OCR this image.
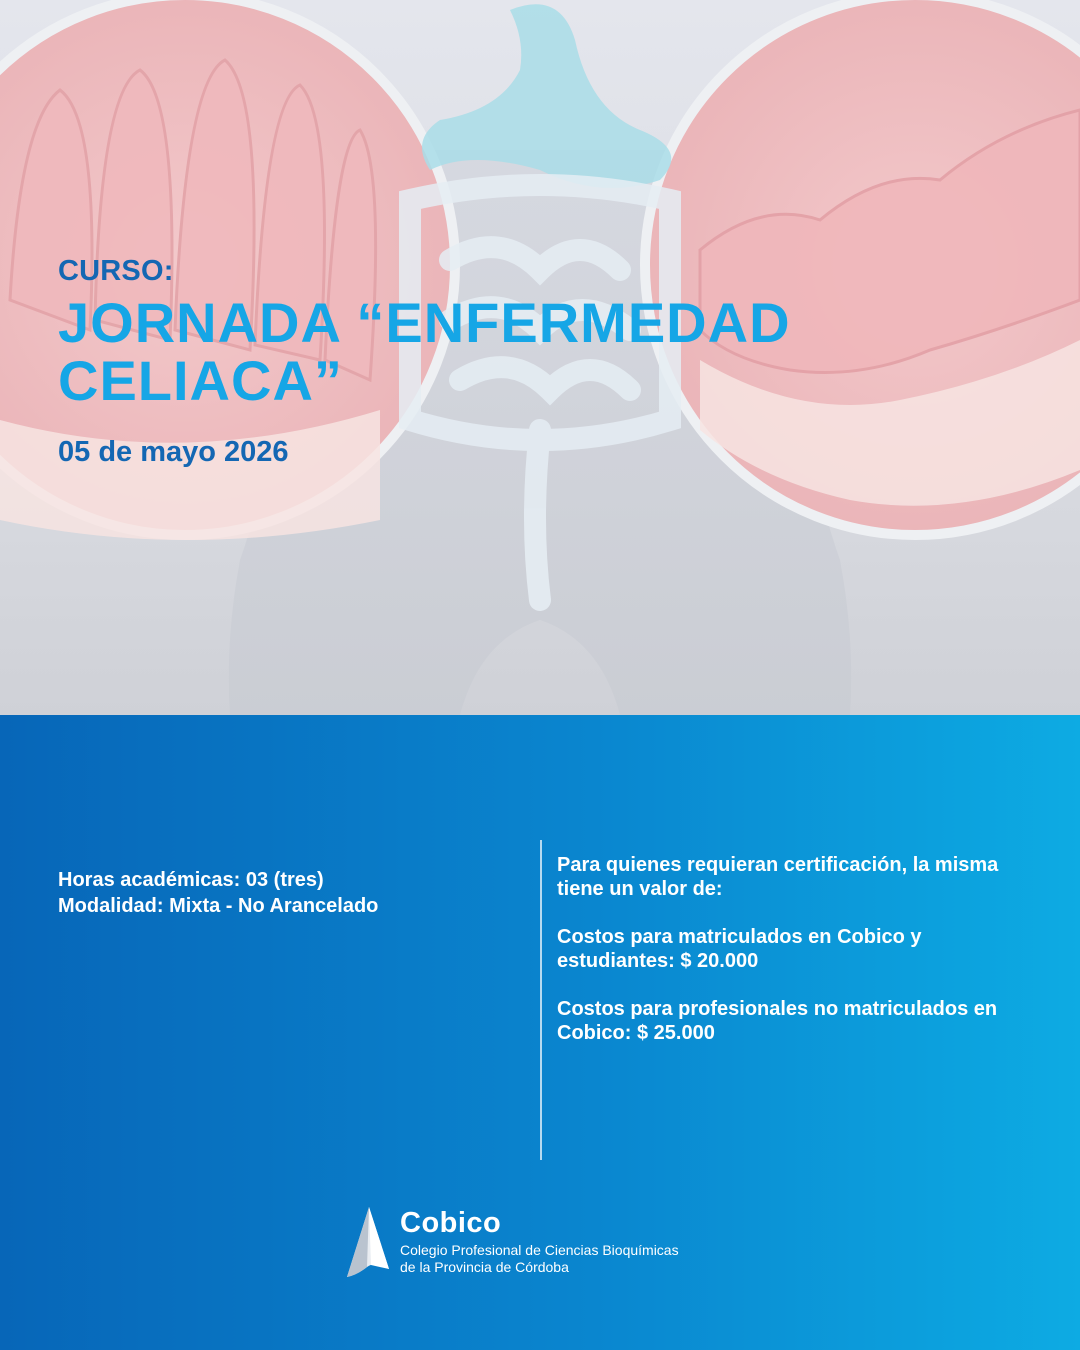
CURSO:
JORNADA “ENFERMEDAD
CELIACA”
05 de mayo 2026
Horas académicas: 03 (tres)
Modalidad: Mixta - No Arancelado

Para quienes requieran certificación, la misma tiene un valor de:

Costos para matriculados en Cobico y estudiantes: $ 20.000

Costos para profesionales no matriculados en Cobico: $ 25.000

Cobico
Colegio Profesional de Ciencias Bioquímicas
de la Provincia de Córdoba
